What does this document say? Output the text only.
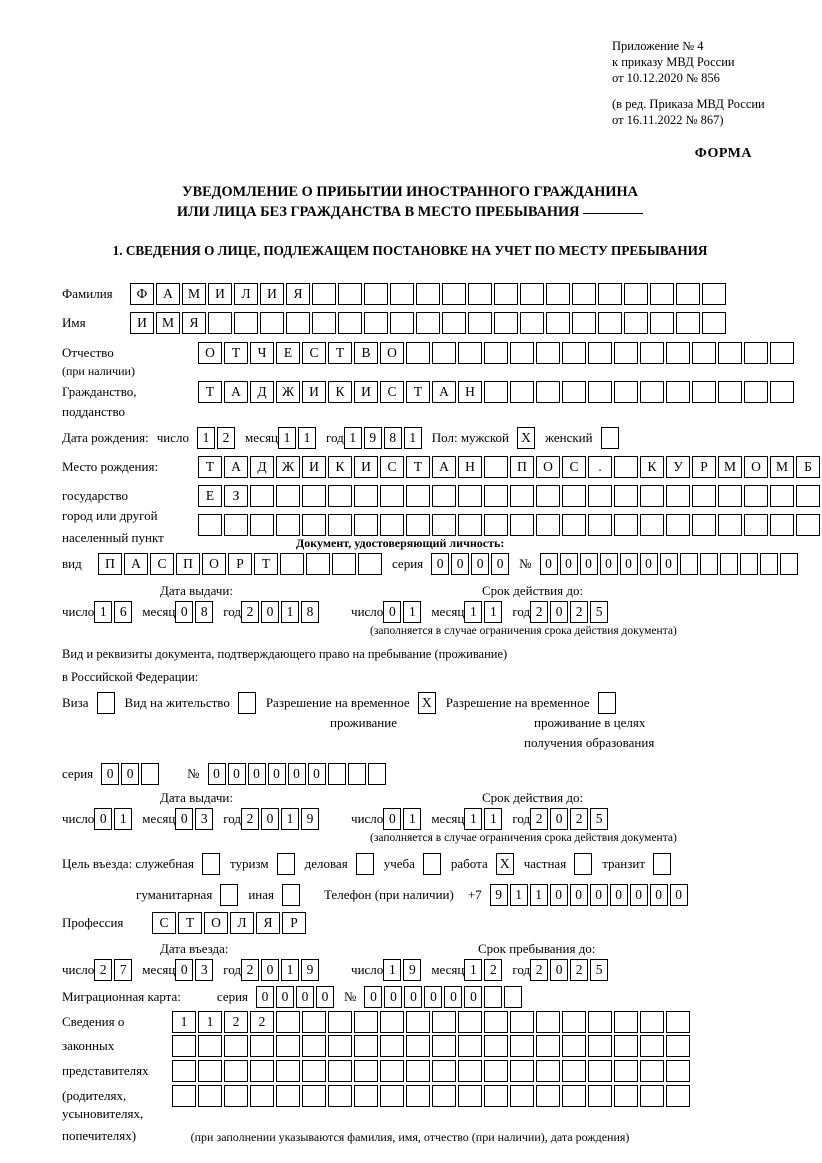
Приложение № 4
к приказу МВД России
от 10.12.2020 № 856
(в ред. Приказа МВД России
от 16.11.2022 № 867)
ФОРМА
УВЕДОМЛЕНИЕ О ПРИБЫТИИ ИНОСТРАННОГО ГРАЖДАНИНА
ИЛИ ЛИЦА БЕЗ ГРАЖДАНСТВА В МЕСТО ПРЕБЫВАНИЯ
1. СВЕДЕНИЯ О ЛИЦЕ, ПОДЛЕЖАЩЕМ ПОСТАНОВКЕ НА УЧЕТ ПО МЕСТУ ПРЕБЫВАНИЯ
Фамилия	Ф	А	М	И	Л	И	Я
Имя	И	М	Я
Отчество	О	Т	Ч	Е	С	Т	В	О
(при наличии)
Гражданство,	Т	А	Д	Ж	И	К	И	С	Т	А	Н
подданство
Дата рождения: число	1 2	месяц 1 1	год 1 9 8 1	Пол: мужской X	женский
Место рождения:	Т	А	Д	Ж	И	К	И	С	Т	А	Н	П	О	С	.	К	У	Р	М	О	М	Б
государство	Е	З
город или другой
населенный пункт	Документ, удостоверяющий личность:
вид	П	А	С	П	О	Р	Т	серия	0 0 0 0	№	0 0 0 0 0 0 0
Дата выдачи:	Срок действия до:
число 1 6	месяц 0 8	год 2 0 1 8	число 0 1	месяц 1 1	год 2 0 2 5
(заполняется в случае ограничения срока действия документа)
Вид и реквизиты документа, подтверждающего право на пребывание (проживание)
в Российской Федерации:
Виза	Вид на жительство	Разрешение на временное X	Разрешение на временное
проживание	проживание в целях
получения образования
серия	0 0	№	0 0 0 0 0 0
Дата выдачи:	Срок действия до:
число 0 1	месяц 0 3	год 2 0 1 9	число 0 1	месяц 1 1	год 2 0 2 5
(заполняется в случае ограничения срока действия документа)
Цель въезда: служебная	туризм	деловая	учеба	работа X	частная	транзит
гуманитарная	иная	Телефон (при наличии) +7	9 1 1 0 0 0 0 0 0 0
Профессия	С	Т	О	Л	Я	Р
Дата въезда:	Срок пребывания до:
число 2 7	месяц 0 3	год 2 0 1 9	число 1 9	месяц 1 2	год 2 0 2 5
Миграционная карта:	серия	0 0 0 0	№	0 0 0 0 0 0
Сведения о	1	1	2	2
законных
представителях
(родителях,
усыновителях,
попечителях)	(при заполнении указываются фамилия, имя, отчество (при наличии), дата рождения)
